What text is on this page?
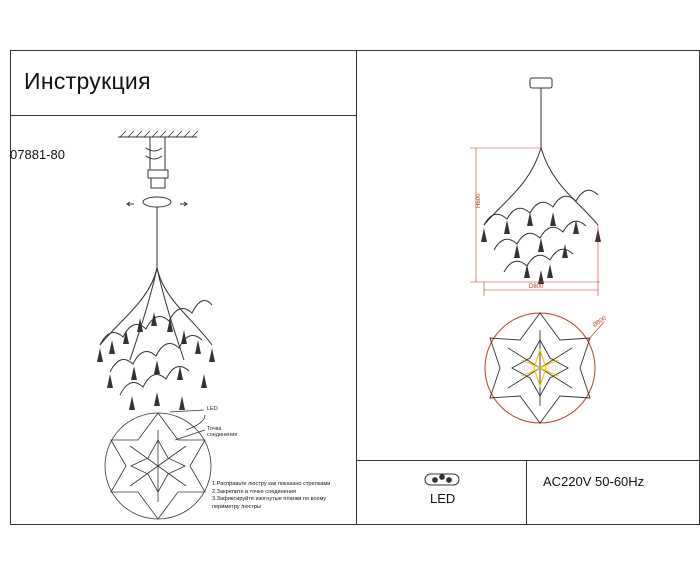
Инструкция
07881-80
LED
Точка
соединения
1.Расправьте люстру как показано стрелками
2.Закрепите в точке соединения
3.Зафиксируйте изогнутые планки по всему
периметру люстры
H600
D800
Ø800
LED
AC220V 50-60Hz
